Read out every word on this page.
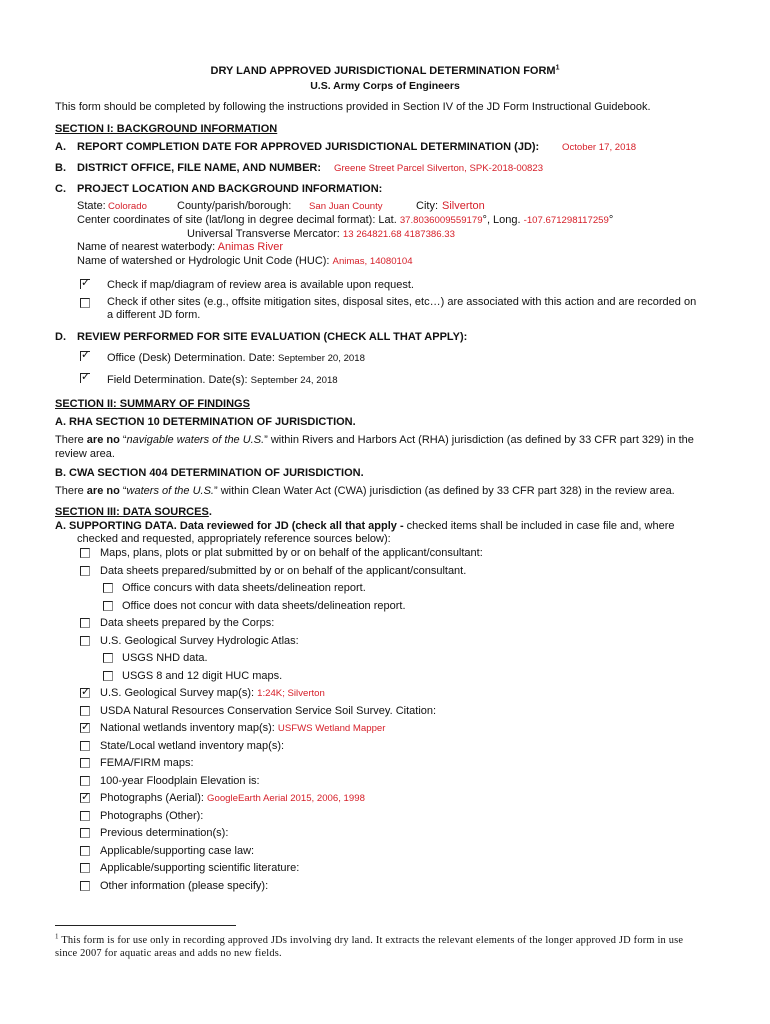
DRY LAND APPROVED JURISDICTIONAL DETERMINATION FORM$^1$
U.S. Army Corps of Engineers
This form should be completed by following the instructions provided in Section IV of the JD Form Instructional Guidebook.
SECTION I: BACKGROUND INFORMATION
A. REPORT COMPLETION DATE FOR APPROVED JURISDICTIONAL DETERMINATION (JD): October 17, 2018
B. DISTRICT OFFICE, FILE NAME, AND NUMBER: Greene Street Parcel Silverton, SPK-2018-00823
C. PROJECT LOCATION AND BACKGROUND INFORMATION:
State: Colorado	County/parish/borough: San Juan County	City: Silverton
Center coordinates of site (lat/long in degree decimal format): Lat. 37.8036009559179°, Long. -107.671298117259°
Universal Transverse Mercator: 13 264821.68 4187386.33
Name of nearest waterbody: Animas River
Name of watershed or Hydrologic Unit Code (HUC): Animas, 14080104
✓
Check if map/diagram of review area is available upon request.
Check if other sites (e.g., offsite mitigation sites, disposal sites, etc…) are associated with this action and are recorded on
a different JD form.
D. REVIEW PERFORMED FOR SITE EVALUATION (CHECK ALL THAT APPLY):
✓
Office (Desk) Determination. Date: September 20, 2018
✓
Field Determination. Date(s): September 24, 2018
SECTION II: SUMMARY OF FINDINGS
A. RHA SECTION 10 DETERMINATION OF JURISDICTION.
There are no “navigable waters of the U.S.” within Rivers and Harbors Act (RHA) jurisdiction (as defined by 33 CFR part 329) in the
review area.
B. CWA SECTION 404 DETERMINATION OF JURISDICTION.
There are no “waters of the U.S.” within Clean Water Act (CWA) jurisdiction (as defined by 33 CFR part 328) in the review area.
SECTION III: DATA SOURCES.
A. SUPPORTING DATA. Data reviewed for JD (check all that apply - checked items shall be included in case file and, where
checked and requested, appropriately reference sources below):
Maps, plans, plots or plat submitted by or on behalf of the applicant/consultant:
Data sheets prepared/submitted by or on behalf of the applicant/consultant.
Office concurs with data sheets/delineation report.
Office does not concur with data sheets/delineation report.
Data sheets prepared by the Corps:
U.S. Geological Survey Hydrologic Atlas:
USGS NHD data.
USGS 8 and 12 digit HUC maps.
✓
U.S. Geological Survey map(s): 1:24K; Silverton
USDA Natural Resources Conservation Service Soil Survey. Citation:
✓
National wetlands inventory map(s): USFWS Wetland Mapper
State/Local wetland inventory map(s):
FEMA/FIRM maps:
100-year Floodplain Elevation is:
✓
Photographs (Aerial): GoogleEarth Aerial 2015, 2006, 1998
Photographs (Other):
Previous determination(s):
Applicable/supporting case law:
Applicable/supporting scientific literature:
Other information (please specify):
$^1$ This form is for use only in recording approved JDs involving dry land. It extracts the relevant elements of the longer approved JD form in use
since 2007 for aquatic areas and adds no new fields.
